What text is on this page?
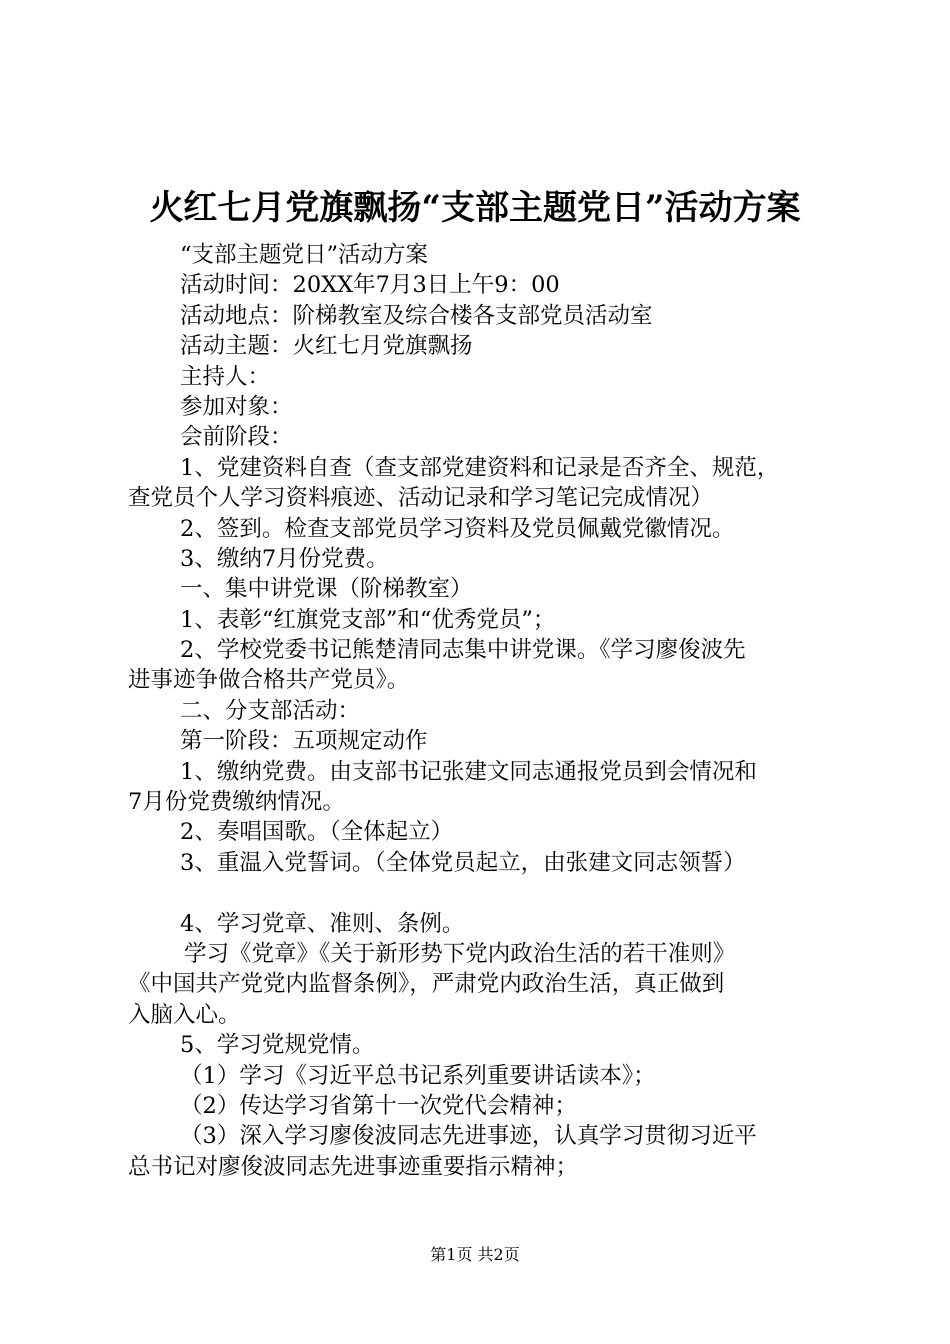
火红七月党旗飘扬“支部主题党日”活动方案
“支部主题党日”活动方案
活动时间：20XX年7月3日上午9：00
活动地点：阶梯教室及综合楼各支部党员活动室
活动主题：火红七月党旗飘扬
主持人：
参加对象：
会前阶段：
1、党建资料自查（查支部党建资料和记录是否齐全、规范，
查党员个人学习资料痕迹、活动记录和学习笔记完成情况）
2、签到。检查支部党员学习资料及党员佩戴党徽情况。
3、缴纳7月份党费。
一、集中讲党课（阶梯教室）
1、表彰“红旗党支部”和“优秀党员”；
2、学校党委书记熊楚清同志集中讲党课。《学习廖俊波先
进事迹争做合格共产党员》。
二、分支部活动：
第一阶段：五项规定动作
1、缴纳党费。由支部书记张建文同志通报党员到会情况和
7月份党费缴纳情况。
2、奏唱国歌。（全体起立）
3、重温入党誓词。（全体党员起立，由张建文同志领誓）
4、学习党章、准则、条例。
学习《党章》《关于新形势下党内政治生活的若干准则》
《中国共产党党内监督条例》，严肃党内政治生活，真正做到
入脑入心。
5、学习党规党情。
（1）学习《习近平总书记系列重要讲话读本》；
（2）传达学习省第十一次党代会精神；
（3）深入学习廖俊波同志先进事迹，认真学习贯彻习近平
总书记对廖俊波同志先进事迹重要指示精神；
第1页 共2页
